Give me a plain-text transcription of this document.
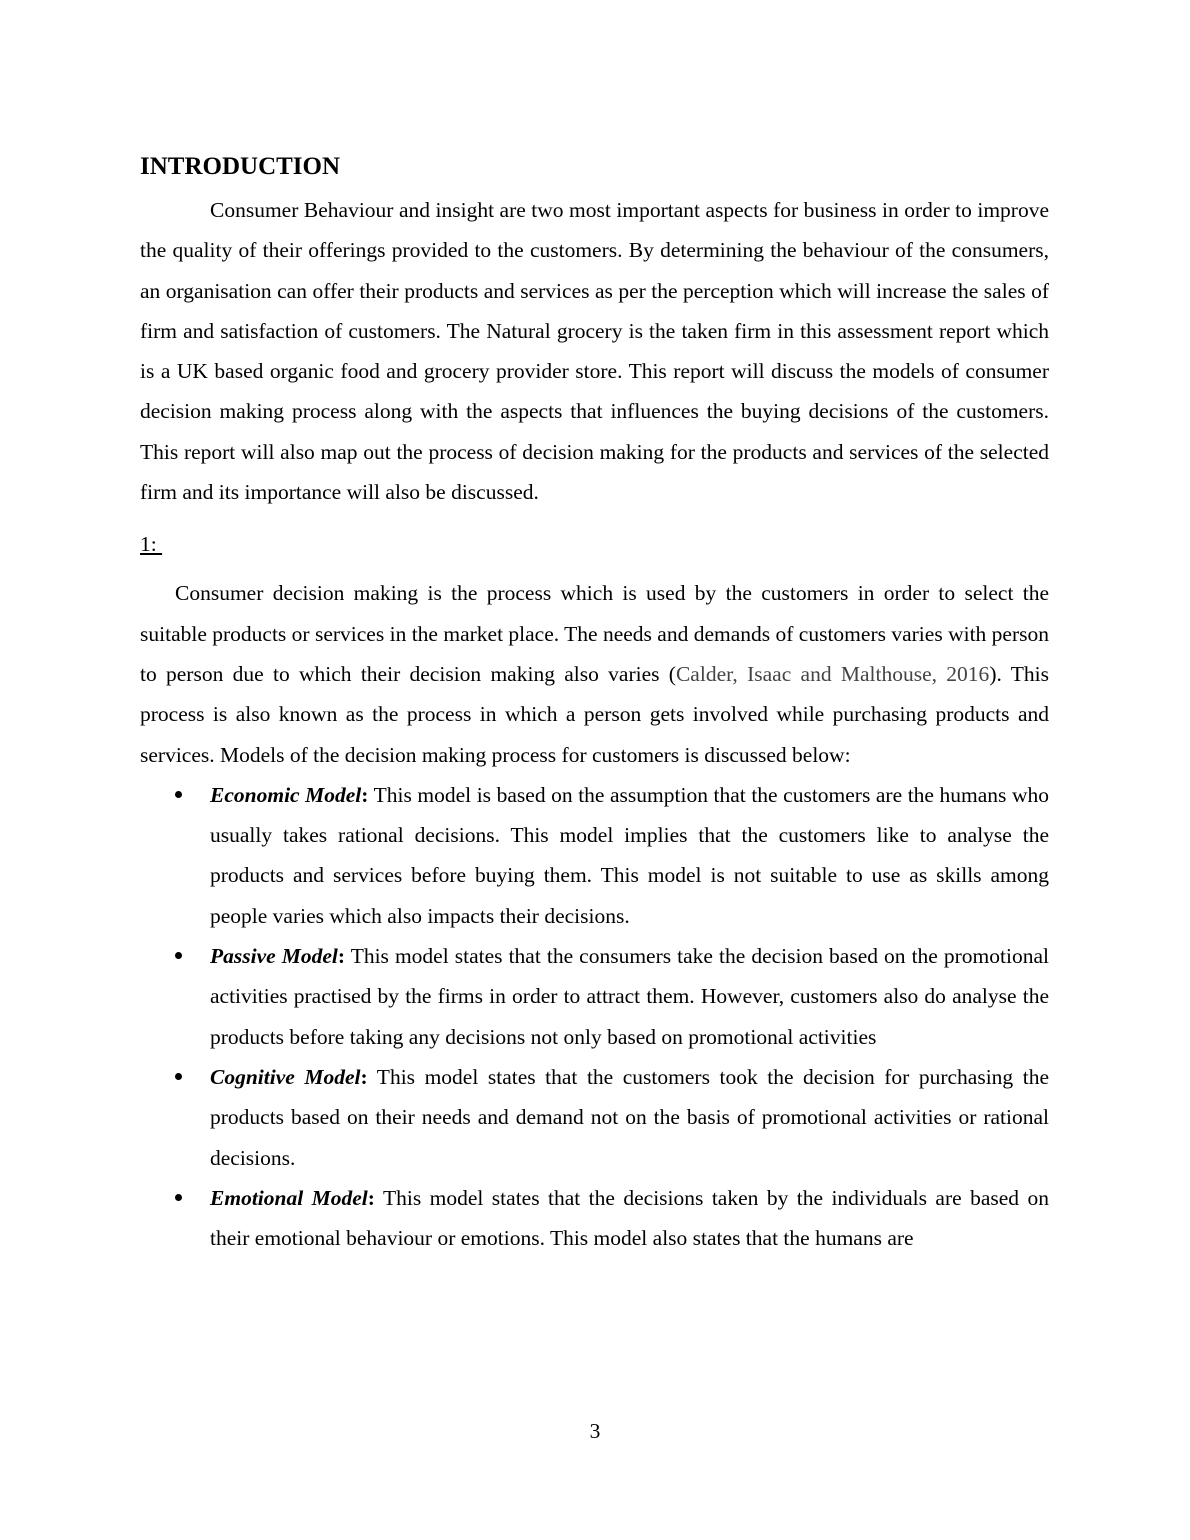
INTRODUCTION

Consumer Behaviour and insight are two most important aspects for business in order to improve the quality of their offerings provided to the customers. By determining the behaviour of the consumers, an organisation can offer their products and services as per the perception which will increase the sales of firm and satisfaction of customers. The Natural grocery is the taken firm in this assessment report which is a UK based organic food and grocery provider store. This report will discuss the models of consumer decision making process along with the aspects that influences the buying decisions of the customers. This report will also map out the process of decision making for the products and services of the selected firm and its importance will also be discussed.

1:

Consumer decision making is the process which is used by the customers in order to select the suitable products or services in the market place. The needs and demands of customers varies with person to person due to which their decision making also varies (Calder, Isaac and Malthouse, 2016). This process is also known as the process in which a person gets involved while purchasing products and services. Models of the decision making process for customers is discussed below:

Economic Model: This model is based on the assumption that the customers are the humans who usually takes rational decisions. This model implies that the customers like to analyse the products and services before buying them. This model is not suitable to use as skills among people varies which also impacts their decisions.
Passive Model: This model states that the consumers take the decision based on the promotional activities practised by the firms in order to attract them. However, customers also do analyse the products before taking any decisions not only based on promotional activities
Cognitive Model: This model states that the customers took the decision for purchasing the products based on their needs and demand not on the basis of promotional activities or rational decisions.
Emotional Model: This model states that the decisions taken by the individuals are based on their emotional behaviour or emotions. This model also states that the humans are
3
